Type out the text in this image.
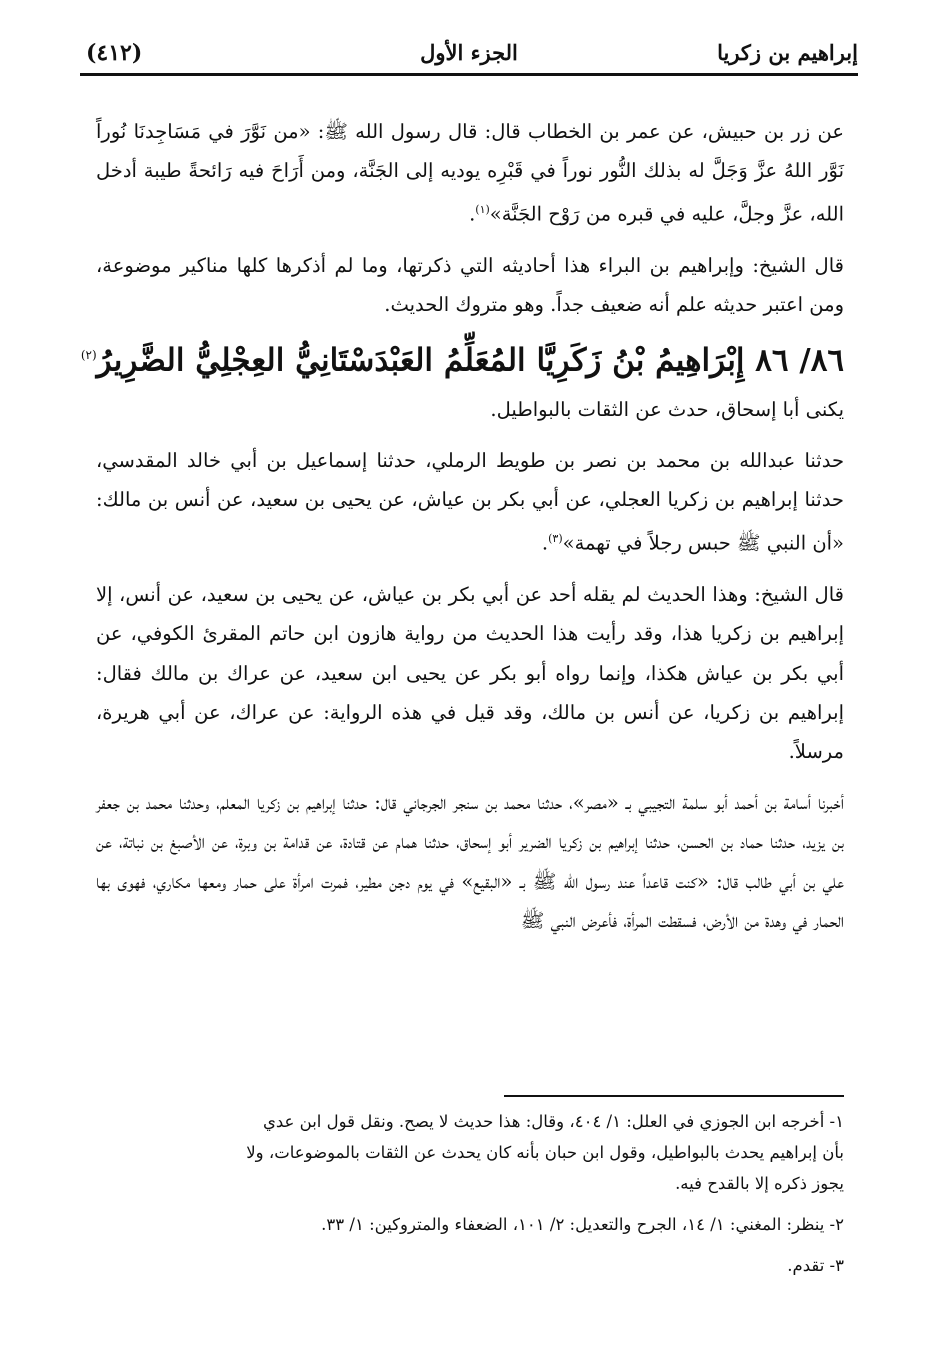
إبراهيم بن زكريا
الجزء الأول
(٤١٢)

عن زر بن حبيش، عن عمر بن الخطاب قال: قال رسول الله ﷺ: «من نَوَّرَ في مَسَاجِدنَا نُوراً نَوَّر اللهُ عزَّ وَجَلَّ له بذلك النُّور نوراً في قَبْرِه يوديه إلى الجَنَّة، ومن أَرَاحَ فيه رَائحةً طيبة أدخل الله، عزَّ وجلَّ، عليه في قبره من رَوْح الجَنَّة»$^{(١)}$.

قال الشيخ: وإبراهيم بن البراء هذا أحاديثه التي ذكرتها، وما لم أذكرها كلها مناكير موضوعة، ومن اعتبر حديثه علم أنه ضعيف جداً. وهو متروك الحديث.

٨٦/ ٨٦ إِبْرَاهِيمُ بْنُ زَكَرِيَّا المُعَلِّمُ العَبْدَسْتَانِيُّ العِجْلِيُّ الضَّرِيرُ$^{(٢)}$

يكنى أبا إسحاق، حدث عن الثقات بالبواطيل.

حدثنا عبدالله بن محمد بن نصر بن طويط الرملي، حدثنا إسماعيل بن أبي خالد المقدسي، حدثنا إبراهيم بن زكريا العجلي، عن أبي بكر بن عياش، عن يحيى بن سعيد، عن أنس بن مالك: «أن النبي ﷺ حبس رجلاً في تهمة»$^{(٣)}$.

قال الشيخ: وهذا الحديث لم يقله أحد عن أبي بكر بن عياش، عن يحيى بن سعيد، عن أنس، إلا إبراهيم بن زكريا هذا، وقد رأيت هذا الحديث من رواية هازون ابن حاتم المقرئ الكوفي، عن أبي بكر بن عياش هكذا، وإنما رواه أبو بكر عن يحيى ابن سعيد، عن عراك بن مالك فقال: إبراهيم بن زكريا، عن أنس بن مالك، وقد قيل في هذه الرواية: عن عراك، عن أبي هريرة، مرسلاً.

أخبرنا أسامة بن أحمد أبو سلمة التجيبي بـ «مصر»، حدثنا محمد بن سنجر الجرجاني قال: حدثنا إبراهيم بن زكريا المعلم، وحدثنا محمد بن جعفر بن يزيد، حدثنا حماد بن الحسن، حدثنا إبراهيم بن زكريا الضرير أبو إسحاق، حدثنا همام عن قتادة، عن قدامة بن وبرة، عن الأصبغ بن نباتة، عن علي بن أبي طالب قال: «كنت قاعداً عند رسول الله ﷺ بـ «البقيع» في يوم دجن مطير، فمرت امرأة على حمار ومعها مكاري، فهوى بها الحمار في وهدة من الأرض، فسقطت المرأة، فأعرض النبي ﷺ

١- أخرجه ابن الجوزي في العلل: ١/ ٤٠٤، وقال: هذا حديث لا يصح. ونقل قول ابن عدي

بأن إبراهيم يحدث بالبواطيل، وقول ابن حبان بأنه كان يحدث عن الثقات بالموضوعات، ولا

يجوز ذكره إلا بالقدح فيه.

٢- ينظر: المغني: ١/ ١٤، الجرح والتعديل: ٢/ ١٠١، الضعفاء والمتروكين: ١/ ٣٣.

٣- تقدم.
